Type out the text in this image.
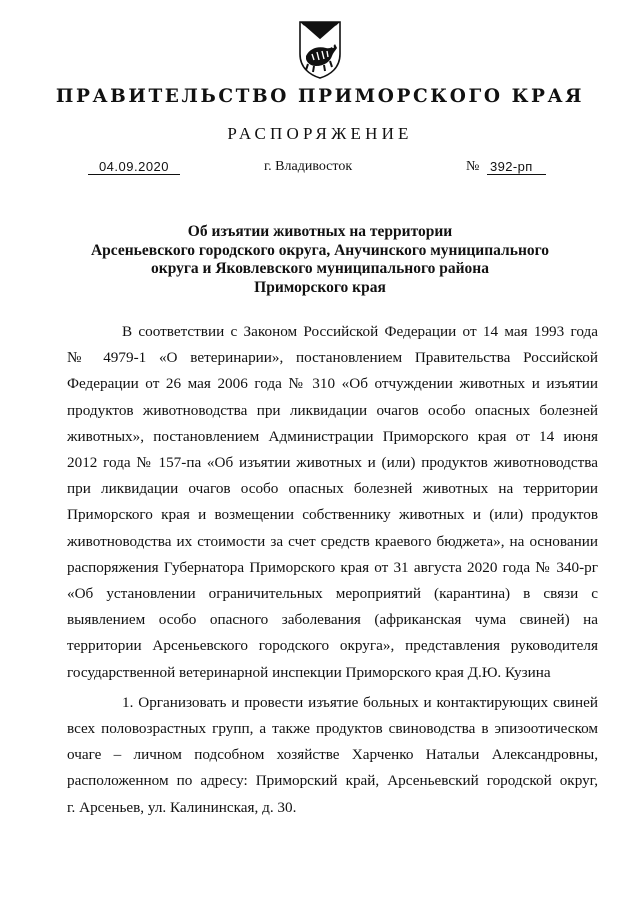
ПРАВИТЕЛЬСТВО ПРИМОРСКОГО КРАЯ
РАСПОРЯЖЕНИЕ
04.09.2020	г. Владивосток	№ 392-рп
Об изъятии животных на территории
Арсеньевского городского округа, Анучинского муниципального
округа и Яковлевского муниципального района
Приморского края
В соответствии с Законом Российской Федерации от 14 мая 1993 года
№ 4979-1 «О ветеринарии», постановлением Правительства Российской
Федерации от 26 мая 2006 года № 310 «Об отчуждении животных и изъятии
продуктов животноводства при ликвидации очагов особо опасных болезней
животных», постановлением Администрации Приморского края от 14 июня
2012 года № 157-па «Об изъятии животных и (или) продуктов животноводства
при ликвидации очагов особо опасных болезней животных на территории
Приморского края и возмещении собственнику животных и (или) продуктов
животноводства их стоимости за счет средств краевого бюджета», на основании
распоряжения Губернатора Приморского края от 31 августа 2020 года № 340-рг
«Об установлении ограничительных мероприятий (карантина) в связи с
выявлением особо опасного заболевания (африканская чума свиней) на
территории Арсеньевского городского округа», представления руководителя
государственной ветеринарной инспекции Приморского края Д.Ю. Кузина
1. Организовать и провести изъятие больных и контактирующих свиней
всех половозрастных групп, а также продуктов свиноводства в эпизоотическом
очаге – личном подсобном хозяйстве Харченко Натальи Александровны,
расположенном по адресу: Приморский край, Арсеньевский городской округ,
г. Арсеньев, ул. Калининская, д. 30.
